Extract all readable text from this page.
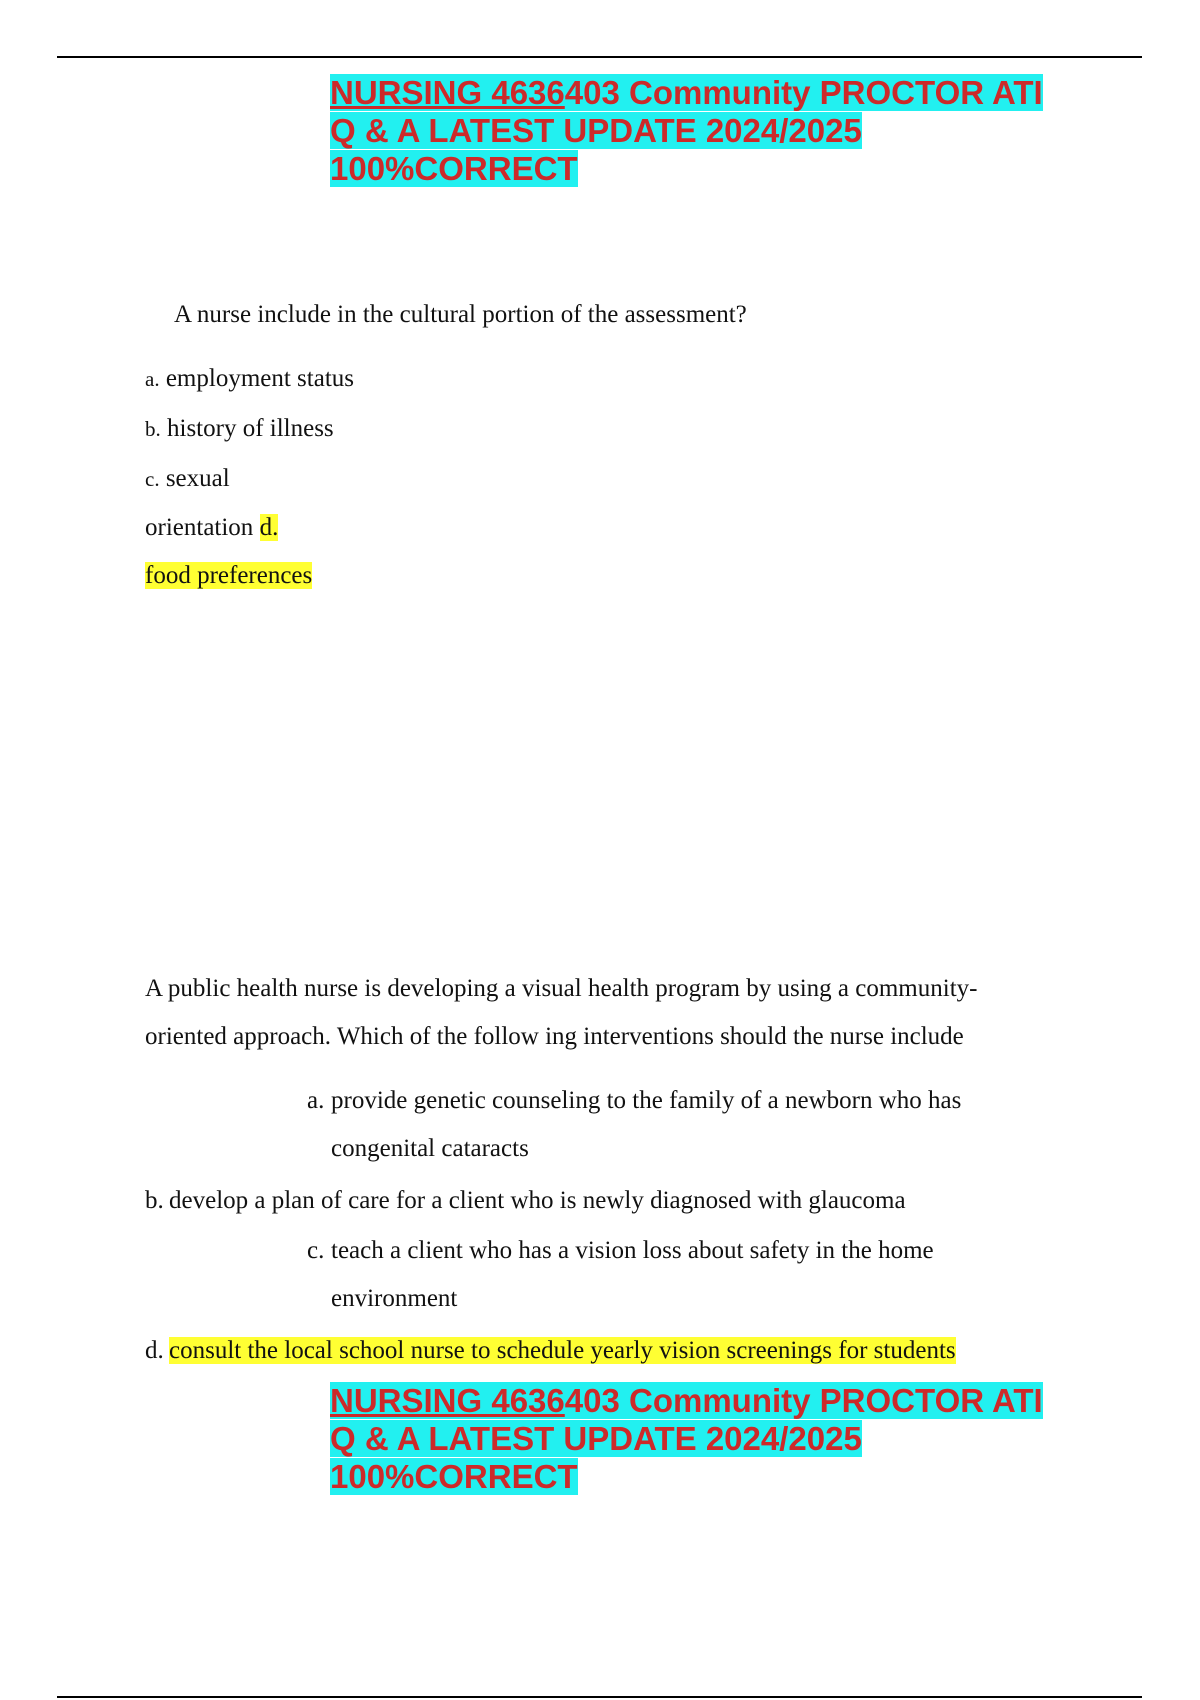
NURSING 4636403 Community PROCTOR ATI
Q & A LATEST UPDATE 2024/2025
100%CORRECT
A nurse include in the cultural portion of the assessment?
a. employment status
b. history of illness
c. sexual
orientation d.
food preferences
A public health nurse is developing a visual health program by using a community-
oriented approach. Which of the follow ing interventions should the nurse include
a. provide genetic counseling to the family of a newborn who has
congenital cataracts
b. develop a plan of care for a client who is newly diagnosed with glaucoma
c. teach a client who has a vision loss about safety in the home
environment
d. consult the local school nurse to schedule yearly vision screenings for students
NURSING 4636403 Community PROCTOR ATI
Q & A LATEST UPDATE 2024/2025
100%CORRECT
